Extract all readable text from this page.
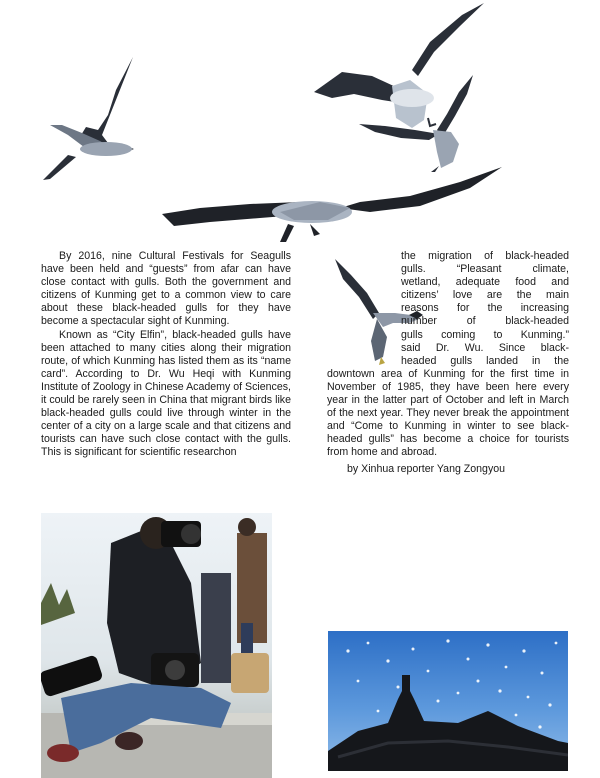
By 2016, nine Cultural Festivals for Seagulls have been held and “guests” from afar can have close contact with gulls. Both the government and citizens of Kunming get to a common view to care about these black-headed gulls for they have become a spectacular sight of Kunming.

Known as “City Elfin”, black-headed gulls have been attached to many cities along their migration route, of which Kunming has listed them as its “name card”. According to Dr. Wu Heqi with Kunming Institute of Zoology in Chinese Academy of Sciences, it could be rarely seen in China that migrant birds like black-headed gulls could live through winter in the center of a city on a large scale and that citizens and tourists can have such close contact with the gulls. This is significant for scientific researchon

the migration of black-headed
gulls. “Pleasant climate,
wetland, adequate food and
citizens’ love are the main
reasons for the increasing
number of black-headed
gulls coming to Kunming.”
said Dr. Wu. Since black-
headed gulls landed in the
downtown area of Kunming for the first time in November of 1985, they have been here every year in the latter part of October and left in March of the next year. They never break the appointment and “Come to Kunming in winter to see black-headed gulls” has become a choice for tourists from home and abroad.
by Xinhua reporter Yang Zongyou
